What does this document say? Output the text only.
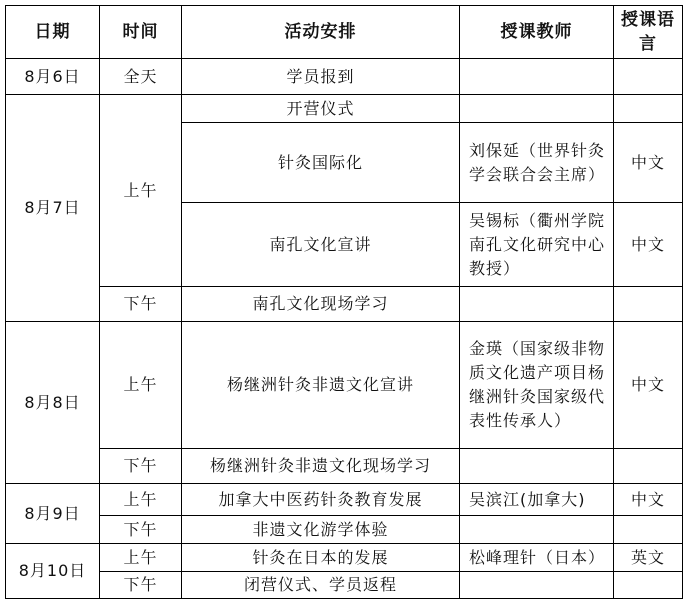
日期	时间	活动安排	授课教师	授课语言
8月6日	全天	学员报到		
8月7日	上午	开营仪式		
		针灸国际化	刘保延（世界针灸学会联合会主席）	中文
		南孔文化宣讲	吴锡标（衢州学院南孔文化研究中心教授）	中文
	下午	南孔文化现场学习		
8月8日	上午	杨继洲针灸非遗文化宣讲	金瑛（国家级非物质文化遗产项目杨继洲针灸国家级代表性传承人）	中文
	下午	杨继洲针灸非遗文化现场学习		
8月9日	上午	加拿大中医药针灸教育发展	吴滨江(加拿大)	中文
	下午	非遗文化游学体验		
8月10日	上午	针灸在日本的发展	松峰理针（日本）	英文
	下午	闭营仪式、学员返程		
